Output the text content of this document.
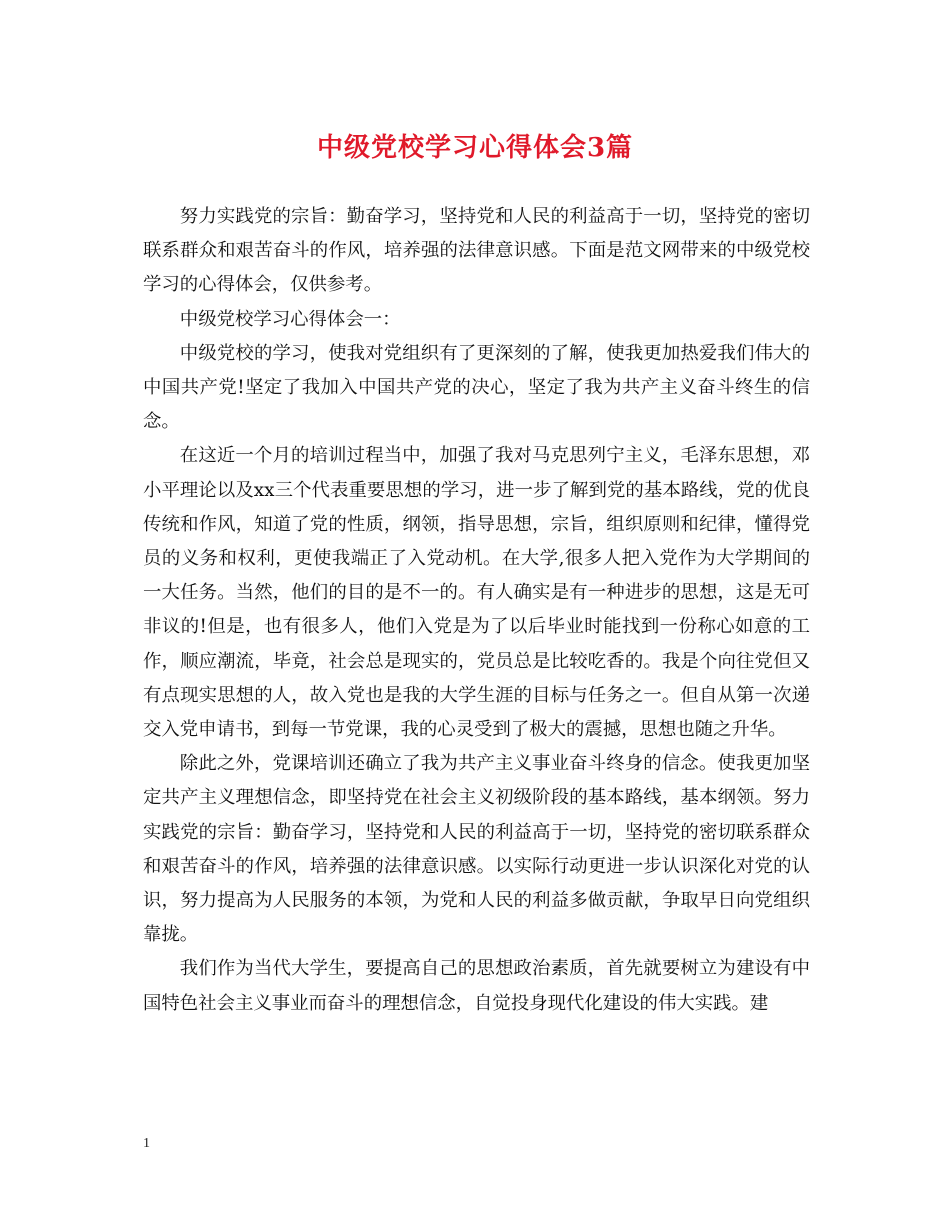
中级党校学习心得体会3篇

努力实践党的宗旨：勤奋学习，坚持党和人民的利益高于一切，坚持党的密切联系群众和艰苦奋斗的作风，培养强的法律意识感。下面是范文网带来的中级党校学习的心得体会，仅供参考。

中级党校学习心得体会一：

中级党校的学习，使我对党组织有了更深刻的了解，使我更加热爱我们伟大的中国共产党!坚定了我加入中国共产党的决心，坚定了我为共产主义奋斗终生的信念。

在这近一个月的培训过程当中，加强了我对马克思列宁主义，毛泽东思想，邓小平理论以及xx三个代表重要思想的学习，进一步了解到党的基本路线，党的优良传统和作风，知道了党的性质，纲领，指导思想，宗旨，组织原则和纪律，懂得党员的义务和权利，更使我端正了入党动机。在大学,很多人把入党作为大学期间的一大任务。当然，他们的目的是不一的。有人确实是有一种进步的思想，这是无可非议的!但是，也有很多人，他们入党是为了以后毕业时能找到一份称心如意的工作，顺应潮流，毕竟，社会总是现实的，党员总是比较吃香的。我是个向往党但又有点现实思想的人，故入党也是我的大学生涯的目标与任务之一。但自从第一次递交入党申请书，到每一节党课，我的心灵受到了极大的震撼，思想也随之升华。

除此之外，党课培训还确立了我为共产主义事业奋斗终身的信念。使我更加坚定共产主义理想信念，即坚持党在社会主义初级阶段的基本路线，基本纲领。努力实践党的宗旨：勤奋学习，坚持党和人民的利益高于一切，坚持党的密切联系群众和艰苦奋斗的作风，培养强的法律意识感。以实际行动更进一步认识深化对党的认识，努力提高为人民服务的本领，为党和人民的利益多做贡献，争取早日向党组织靠拢。

我们作为当代大学生，要提高自己的思想政治素质，首先就要树立为建设有中国特色社会主义事业而奋斗的理想信念，自觉投身现代化建设的伟大实践。建

1
